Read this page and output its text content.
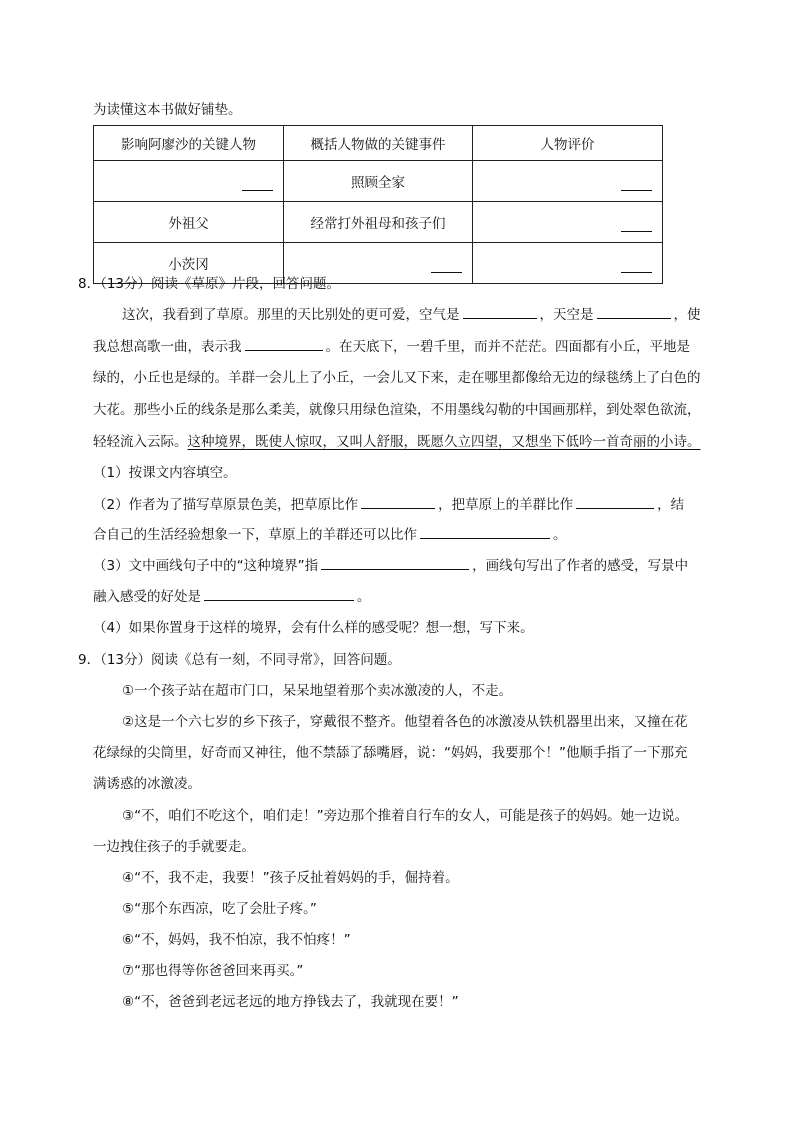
为读懂这本书做好铺垫。
影响阿廖沙的关键人物	概括人物做的关键事件	人物评价
	照顾全家	
外祖父	经常打外祖母和孩子们	
小茨冈		
8．（13分）阅读《草原》片段，回答问题。
这次，我看到了草原。那里的天比别处的更可爱，空气是	，天空是	，使
我总想高歌一曲，表示我	。在天底下，一碧千里，而并不茫茫。四面都有小丘，平地是
绿的，小丘也是绿的。羊群一会儿上了小丘，一会儿又下来，走在哪里都像给无边的绿毯绣上了白色的
大花。那些小丘的线条是那么柔美，就像只用绿色渲染，不用墨线勾勒的中国画那样，到处翠色欲流，
轻轻流入云际。这种境界，既使人惊叹，又叫人舒服，既愿久立四望，又想坐下低吟一首奇丽的小诗。
（1）按课文内容填空。
（2）作者为了描写草原景色美，把草原比作	，把草原上的羊群比作	，结
合自己的生活经验想象一下，草原上的羊群还可以比作	。
（3）文中画线句子中的“这种境界”指	，画线句写出了作者的感受，写景中
融入感受的好处是	。
（4）如果你置身于这样的境界，会有什么样的感受呢？想一想，写下来。
9．（13分）阅读《总有一刻，不同寻常》，回答问题。
①一个孩子站在超市门口，呆呆地望着那个卖冰激凌的人，不走。
②这是一个六七岁的乡下孩子，穿戴很不整齐。他望着各色的冰激凌从铁机器里出来，又撞在花
花绿绿的尖筒里，好奇而又神往，他不禁舔了舔嘴唇，说：“妈妈，我要那个！”他顺手指了一下那充
满诱惑的冰激凌。
③“不，咱们不吃这个，咱们走！”旁边那个推着自行车的女人，可能是孩子的妈妈。她一边说。
一边拽住孩子的手就要走。
④“不，我不走，我要！”孩子反扯着妈妈的手，倔持着。
⑤“那个东西凉，吃了会肚子疼。”
⑥“不，妈妈，我不怕凉，我不怕疼！”
⑦“那也得等你爸爸回来再买。”
⑧“不，爸爸到老远老远的地方挣钱去了，我就现在要！”
